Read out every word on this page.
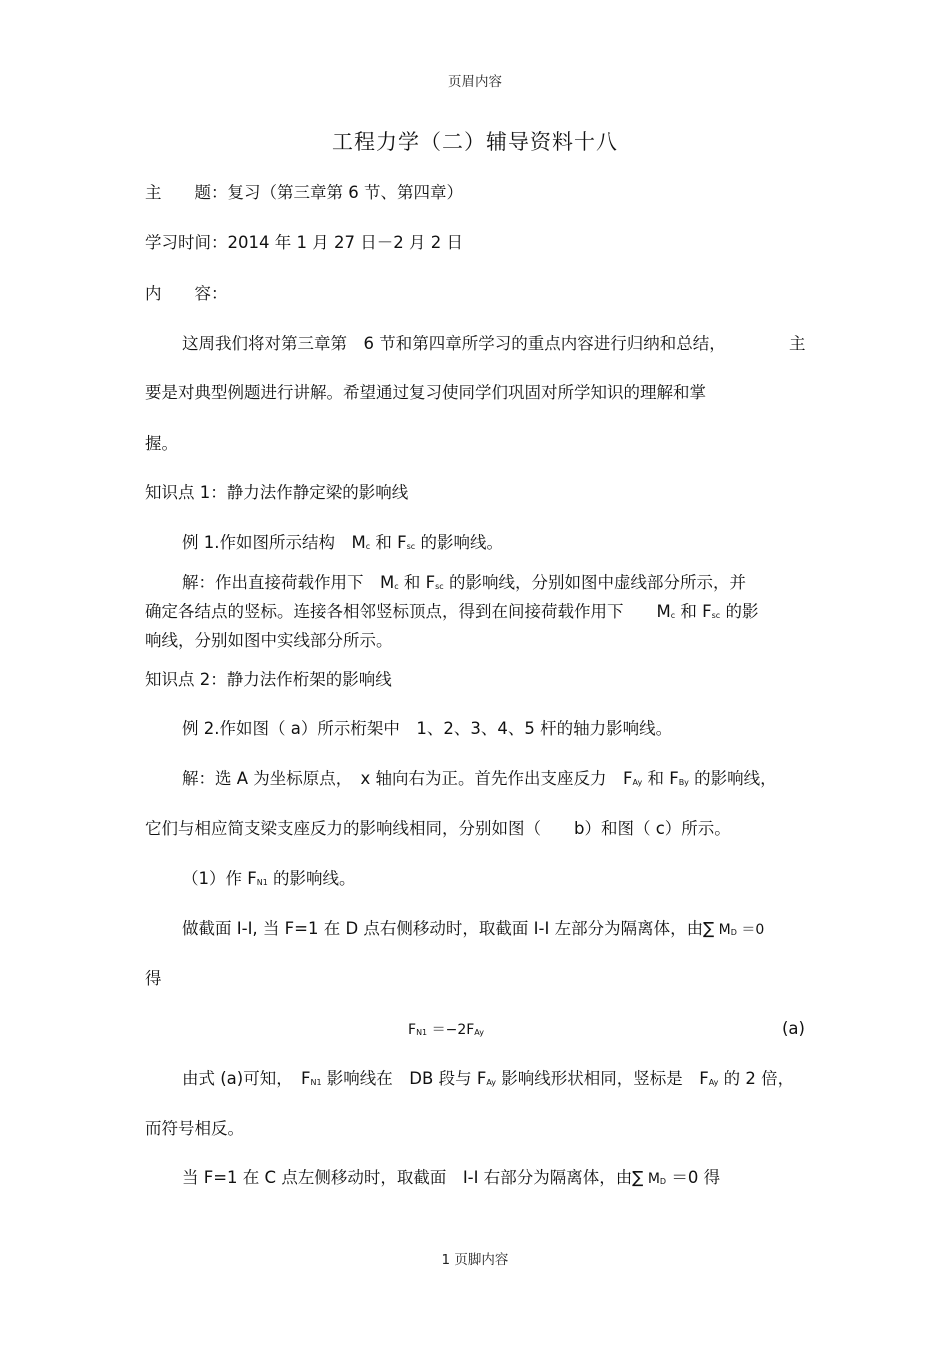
页眉内容
工程力学（二）辅导资料十八
主　　题：复习（第三章第 6 节、第四章）
学习时间：2014 年 1 月 27 日－2 月 2 日
内　　容：
这周我们将对第三章第　6 节和第四章所学习的重点内容进行归纳和总结，	主
要是对典型例题进行讲解。希望通过复习使同学们巩固对所学知识的理解和掌
握。
知识点 1：静力法作静定梁的影响线
例 1.作如图所示结构　$M_c$ 和 $F_{sc}$ 的影响线。
解：作出直接荷载作用下　$M_c$ 和 $F_{sc}$ 的影响线，分别如图中虚线部分所示，并
确定各结点的竖标。连接各相邻竖标顶点，得到在间接荷载作用下　　$M_c$ 和 $F_{sc}$ 的影
响线，分别如图中实线部分所示。
知识点 2：静力法作桁架的影响线
例 2.作如图（ a）所示桁架中　1、2、3、4、5 杆的轴力影响线。
解：选 A 为坐标原点，　x 轴向右为正。首先作出支座反力　$F_{Ay}$ 和 $F_{By}$ 的影响线，
它们与相应简支梁支座反力的影响线相同，分别如图（　　b）和图（ c）所示。
（1）作 $F_{N1}$ 的影响线。
做截面 I-I, 当 F=1 在 D 点右侧移动时，取截面 I-I 左部分为隔离体，由∑ $M_D =0$
得
$F_{N1} =-2F_{Ay}$	(a)
由式 (a)可知，　$F_{N1}$ 影响线在　DB 段与 $F_{Ay}$ 影响线形状相同，竖标是　$F_{Ay}$ 的 2 倍，
而符号相反。
当 F=1 在 C 点左侧移动时，取截面　I-I 右部分为隔离体，由∑ $M_D =0$ 得
1 页脚内容
